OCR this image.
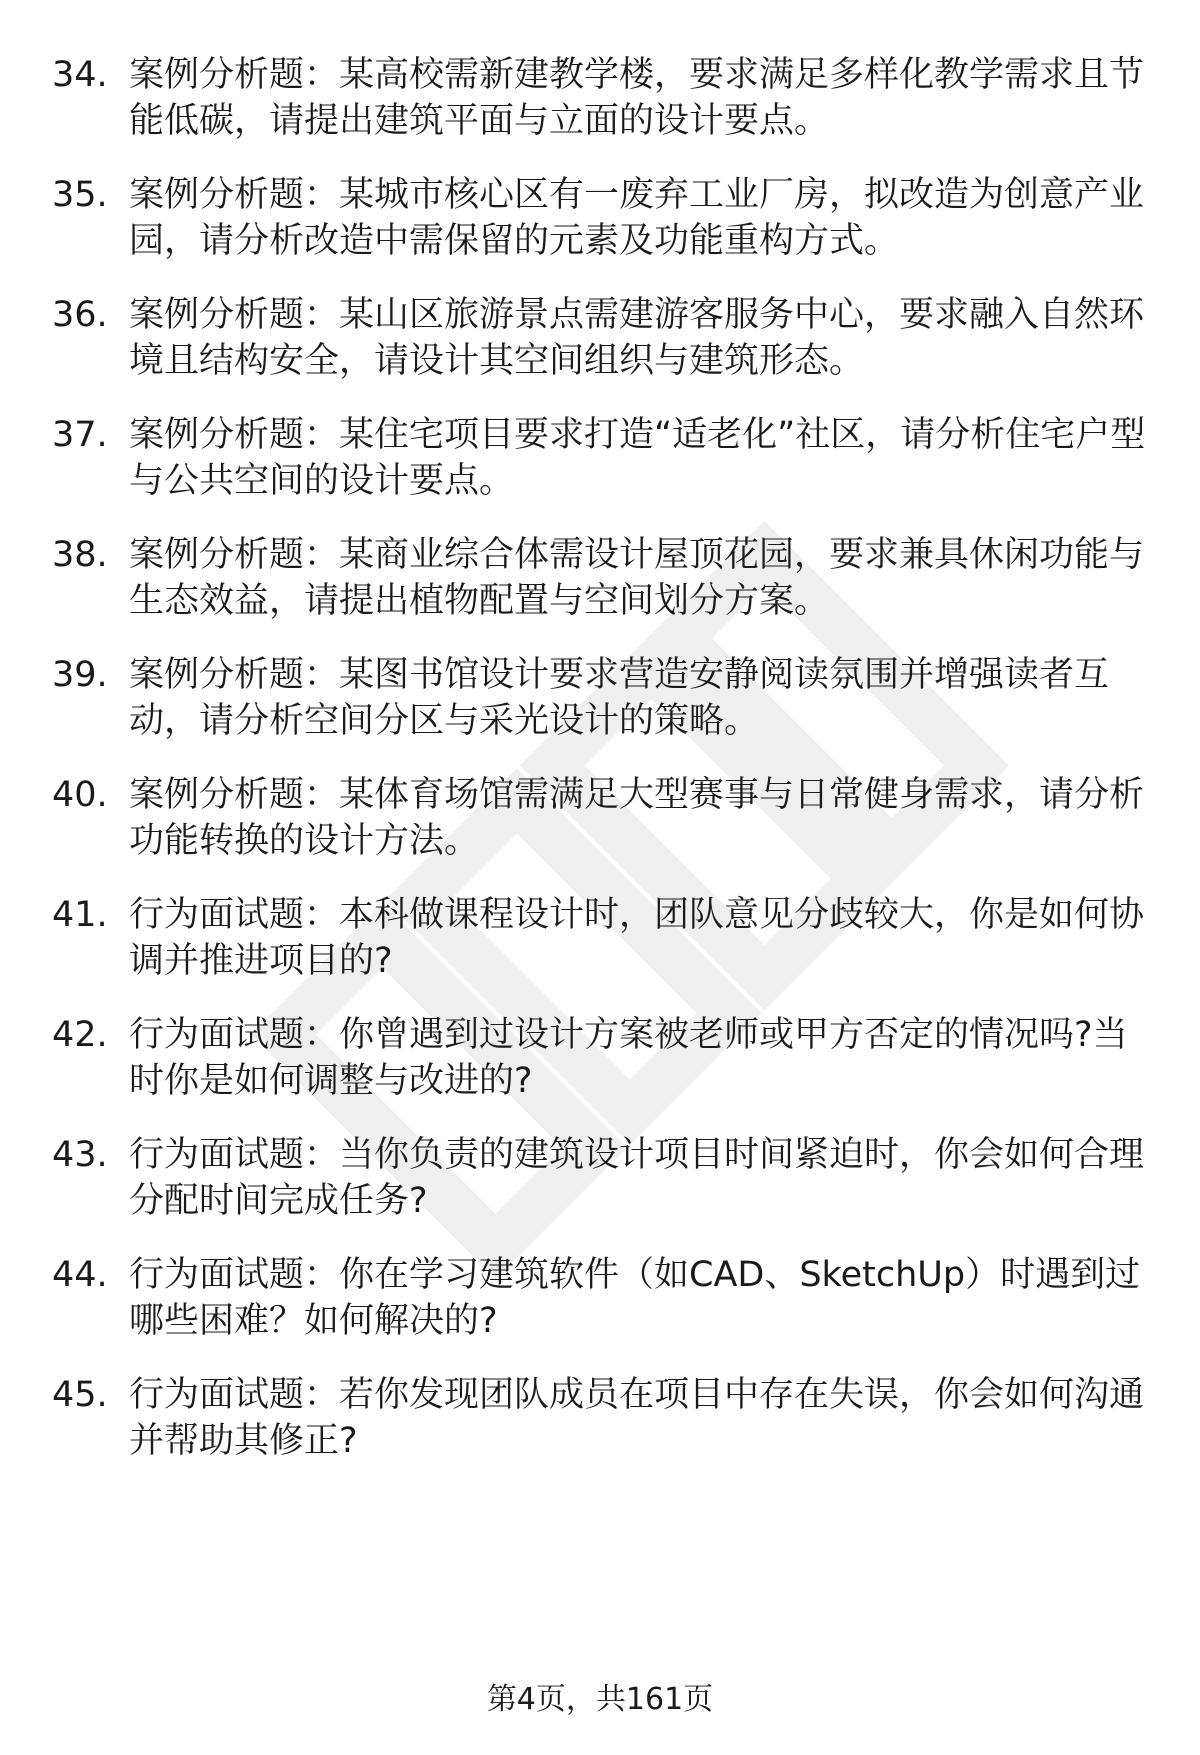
34. 案例分析题：某高校需新建教学楼，要求满足多样化教学需求且节能低碳，请提出建筑平面与立面的设计要点。

35. 案例分析题：某城市核心区有一废弃工业厂房，拟改造为创意产业园，请分析改造中需保留的元素及功能重构方式。

36. 案例分析题：某山区旅游景点需建游客服务中心，要求融入自然环境且结构安全，请设计其空间组织与建筑形态。

37. 案例分析题：某住宅项目要求打造“适老化”社区，请分析住宅户型与公共空间的设计要点。

38. 案例分析题：某商业综合体需设计屋顶花园，要求兼具休闲功能与生态效益，请提出植物配置与空间划分方案。

39. 案例分析题：某图书馆设计要求营造安静阅读氛围并增强读者互动，请分析空间分区与采光设计的策略。

40. 案例分析题：某体育场馆需满足大型赛事与日常健身需求，请分析功能转换的设计方法。

41. 行为面试题：本科做课程设计时，团队意见分歧较大，你是如何协调并推进项目的?

42. 行为面试题：你曾遇到过设计方案被老师或甲方否定的情况吗?当时你是如何调整与改进的?

43. 行为面试题：当你负责的建筑设计项目时间紧迫时，你会如何合理分配时间完成任务?

44. 行为面试题：你在学习建筑软件（如CAD、SketchUp）时遇到过哪些困难？如何解决的?

45. 行为面试题：若你发现团队成员在项目中存在失误，你会如何沟通并帮助其修正?

第4页，共161页
